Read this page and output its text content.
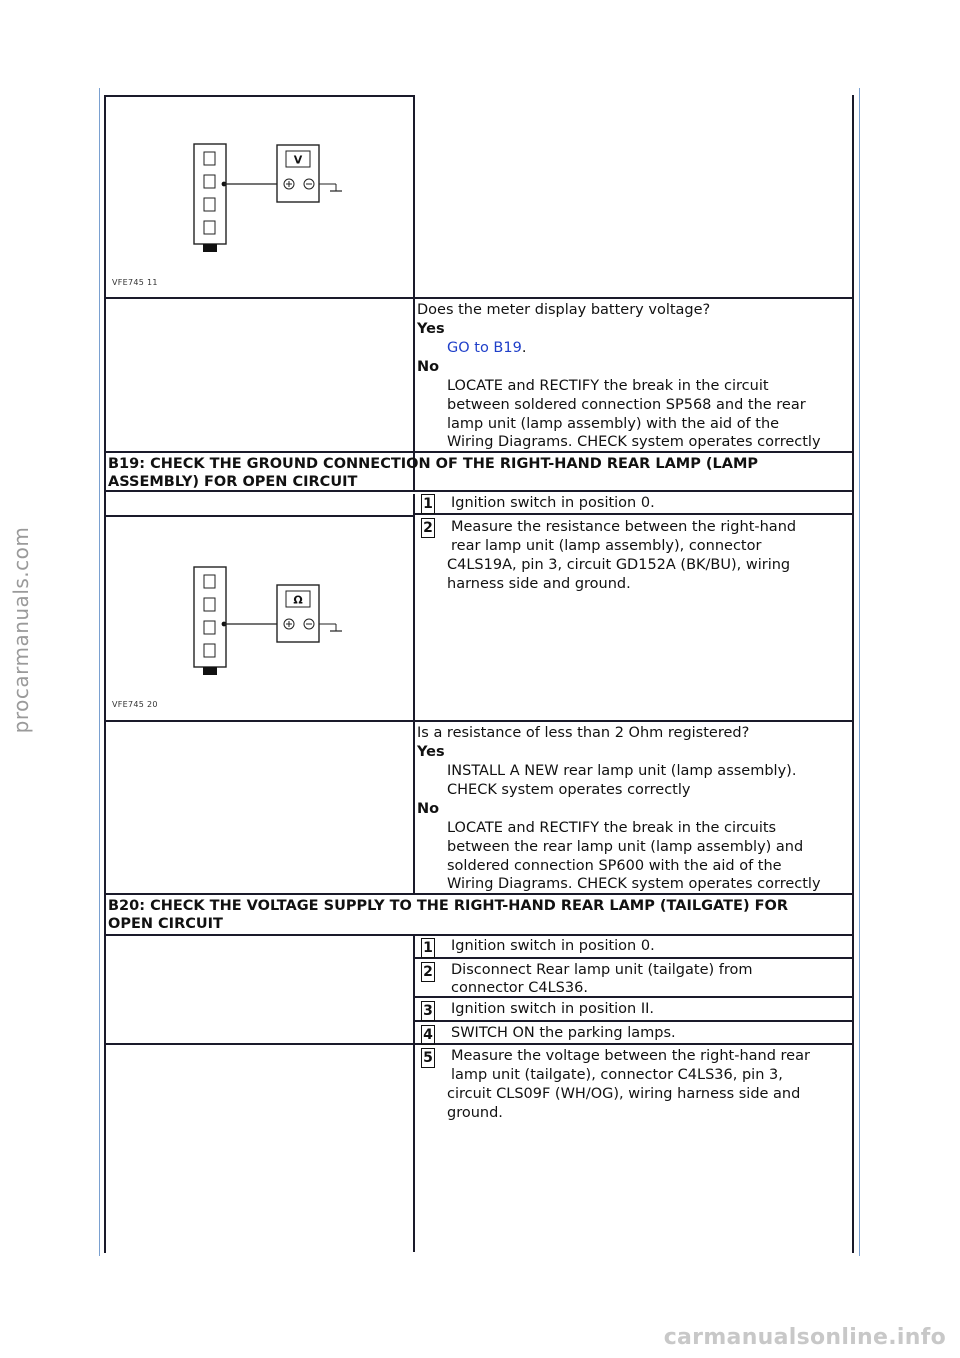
procarmanuals.com
carmanualsonline.info
V
VFE745 11
Does the meter display battery voltage?
Yes
GO to B19.
No
LOCATE and RECTIFY the break in the circuit
between soldered connection SP568 and the rear
lamp unit (lamp assembly) with the aid of the
Wiring Diagrams. CHECK system operates correctly
B19: CHECK THE GROUND CONNECTION OF THE RIGHT-HAND REAR LAMP (LAMP
ASSEMBLY) FOR OPEN CIRCUIT
1 Ignition switch in position 0.
2 Measure the resistance between the right-hand
rear lamp unit (lamp assembly), connector
C4LS19A, pin 3, circuit GD152A (BK/BU), wiring
harness side and ground.
Ω
VFE745 20
Is a resistance of less than 2 Ohm registered?
Yes
INSTALL A NEW rear lamp unit (lamp assembly).
CHECK system operates correctly
No
LOCATE and RECTIFY the break in the circuits
between the rear lamp unit (lamp assembly) and
soldered connection SP600 with the aid of the
Wiring Diagrams. CHECK system operates correctly
B20: CHECK THE VOLTAGE SUPPLY TO THE RIGHT-HAND REAR LAMP (TAILGATE) FOR
OPEN CIRCUIT
1 Ignition switch in position 0.
2 Disconnect Rear lamp unit (tailgate) from
connector C4LS36.
3 Ignition switch in position II.
4 SWITCH ON the parking lamps.
5 Measure the voltage between the right-hand rear
lamp unit (tailgate), connector C4LS36, pin 3,
circuit CLS09F (WH/OG), wiring harness side and
ground.
